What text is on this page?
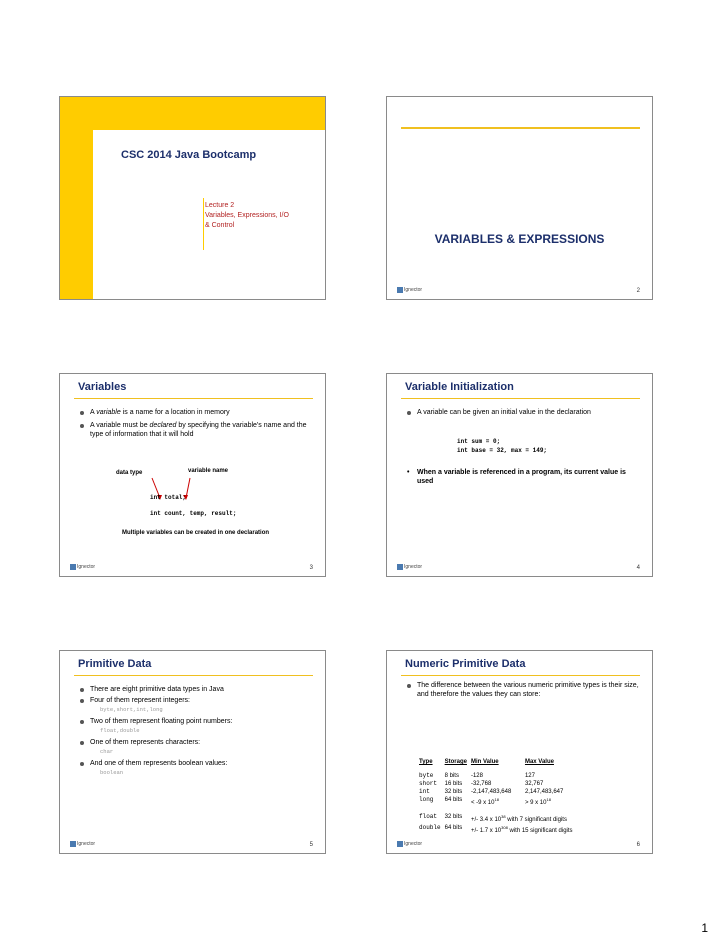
CSC 2014 Java Bootcamp
Lecture 2
Variables, Expressions, I/O
& Control
VARIABLES & EXPRESSIONS
Ignector	2
Variables
A variable is a name for a location in memory
A variable must be declared by specifying the variable's name and the type of information that it will hold
data type	variable name
int total;
int count, temp, result;
Multiple variables can be created in one declaration
Ignector	3
Variable Initialization
A variable can be given an initial value in the declaration
int sum = 0;
int base = 32, max = 149;
• When a variable is referenced in a program, its current value is used
Ignector	4
Primitive Data
There are eight primitive data types in Java
Four of them represent integers:
byte,short,int,long
Two of them represent floating point numbers:
float,double
One of them represents characters:
char
And one of them represents boolean values:
boolean
Ignector	5
Numeric Primitive Data
The difference between the various numeric primitive types is their size, and therefore the values they can store:
Type	Storage	Min Value	Max Value
byte	8 bits	-128	127
short	16 bits	-32,768	32,767
int	32 bits	-2,147,483,648	2,147,483,647
long	64 bits	< -9 x $10^{18}$	> 9 x $10^{18}$

float	32 bits	+/- 3.4 x $10^{38}$ with 7 significant digits	
double	64 bits	+/- 1.7 x $10^{308}$ with 15 significant digits	
Ignector	6
1
